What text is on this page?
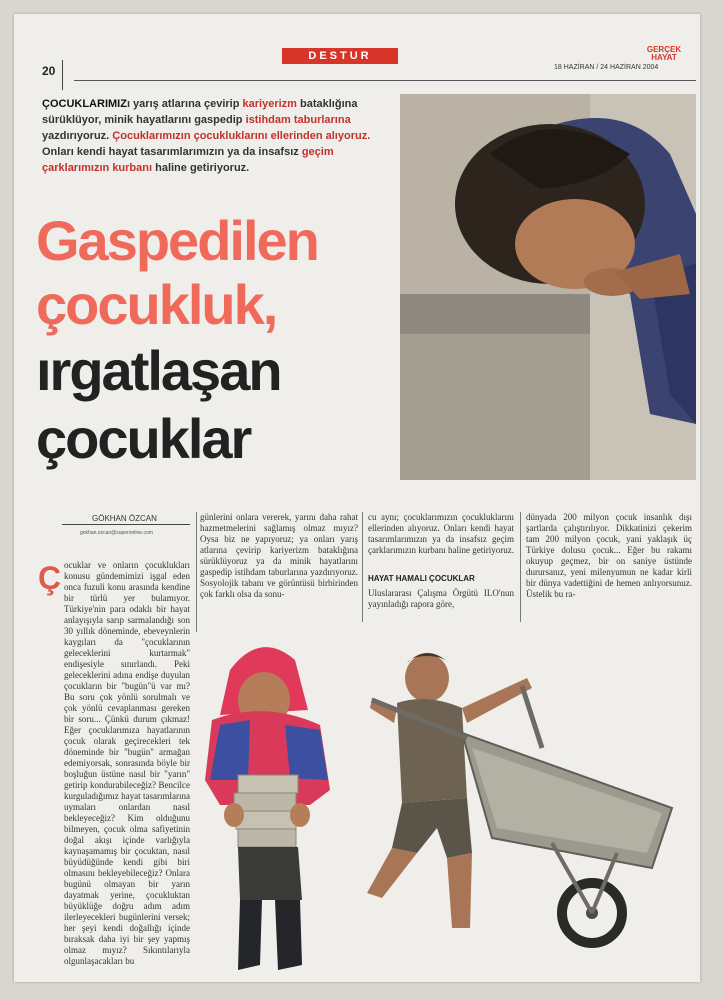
20
DESTUR
18 HAZİRAN / 24 HAZİRAN 2004
GERÇEK HAYAT

ÇOCUKLARIMIZı yarış atlarına çevirip kariyerizm bataklığına sürüklüyor, minik hayatlarını gaspedip istihdam taburlarına yazdırıyoruz. Çocuklarımızın çocukluklarını ellerinden alıyoruz. Onları kendi hayat tasarımlarımızın ya da insafsız geçim çarklarımızın kurbanı haline getiriyoruz.

Gaspedilen
çocukluk,
ırgatlaşan
çocuklar
GÖKHAN ÖZCAN
gokhan.ozcan@superonline.com
Ç ocuklar ve onların çocuklukları konusu gündemimizi işgal eden onca fuzuli konu arasında kendine bir türlü yer bulamıyor. Türkiye'nin para odaklı bir hayat anlayışıyla sarıp sarmalandığı son 30 yıllık döneminde, ebeveynlerin kaygıları da "çocuklarının geleceklerini kurtarmak" endişesiyle sınırlandı. Peki geleceklerini adına endişe duyulan çocukların bir "bugün"ü var mı? Bu soru çok yönlü sorulmalı ve çok yönlü cevaplanması gereken bir soru... Çünkü durum çıkmaz! Eğer çocuklarımıza hayatlarının çocuk olarak geçirecekleri tek döneminde bir "bugün" armağan edemiyorsak, sonrasında böyle bir boşluğun üstüne nasıl bir "yarın" getirip kondurabileceğiz? Bencilce kurguladığımız hayat tasarımlarına uymaları onlardan nasıl bekleyeceğiz? Kim olduğunu bilmeyen, çocuk olma safiyetinin doğal akışı içinde varlığıyla kaynaşamamış bir çocuktan, nasıl büyüdüğünde kendi gibi biri olmasını bekleyebileceğiz? Onlara bugünü olmayan bir yarın dayatmak yerine, çocukluktan büyüklüğe doğru adım adım ilerleyecekleri bugünlerini versek; her şeyi kendi doğallığı içinde bıraksak daha iyi bir şey yapmış olmaz mıyız? Sıkıntılarıyla olgunlaşacakları bu

günlerini onlara vererek, yarını daha rahat hazmetmelerini sağlamış olmaz mıyız? Oysa biz ne yapıyoruz; ya onları yarış atlarına çevirip kariyerizm bataklığına sürüklüyoruz ya da minik hayatlarını gaspedip istihdam taburlarına yazdırıyoruz. Sosyolojik tabanı ve görüntüsü birbirinden çok farklı olsa da sonu-

cu aynı; çocuklarımızın çocukluklarını ellerinden alıyoruz. Onları kendi hayat tasarımlarımızın ya da insafsız geçim çarklarımızın kurbanı haline getiriyoruz.

HAYAT HAMALI ÇOCUKLAR

Uluslararası Çalışma Örgütü ILO'nun yayınladığı rapora göre,

dünyada 200 milyon çocuk insanlık dışı şartlarda çalıştırılıyor. Dikkatinizi çekerim tam 200 milyon çocuk, yani yaklaşık üç Türkiye dolusu çocuk... Eğer bu rakamı okuyup geçmez, bir on saniye üstünde durursanız, yeni milenyumun ne kadar kirli bir dünya vadettiğini de hemen anlıyorsunuz. Üstelik bu ra-
